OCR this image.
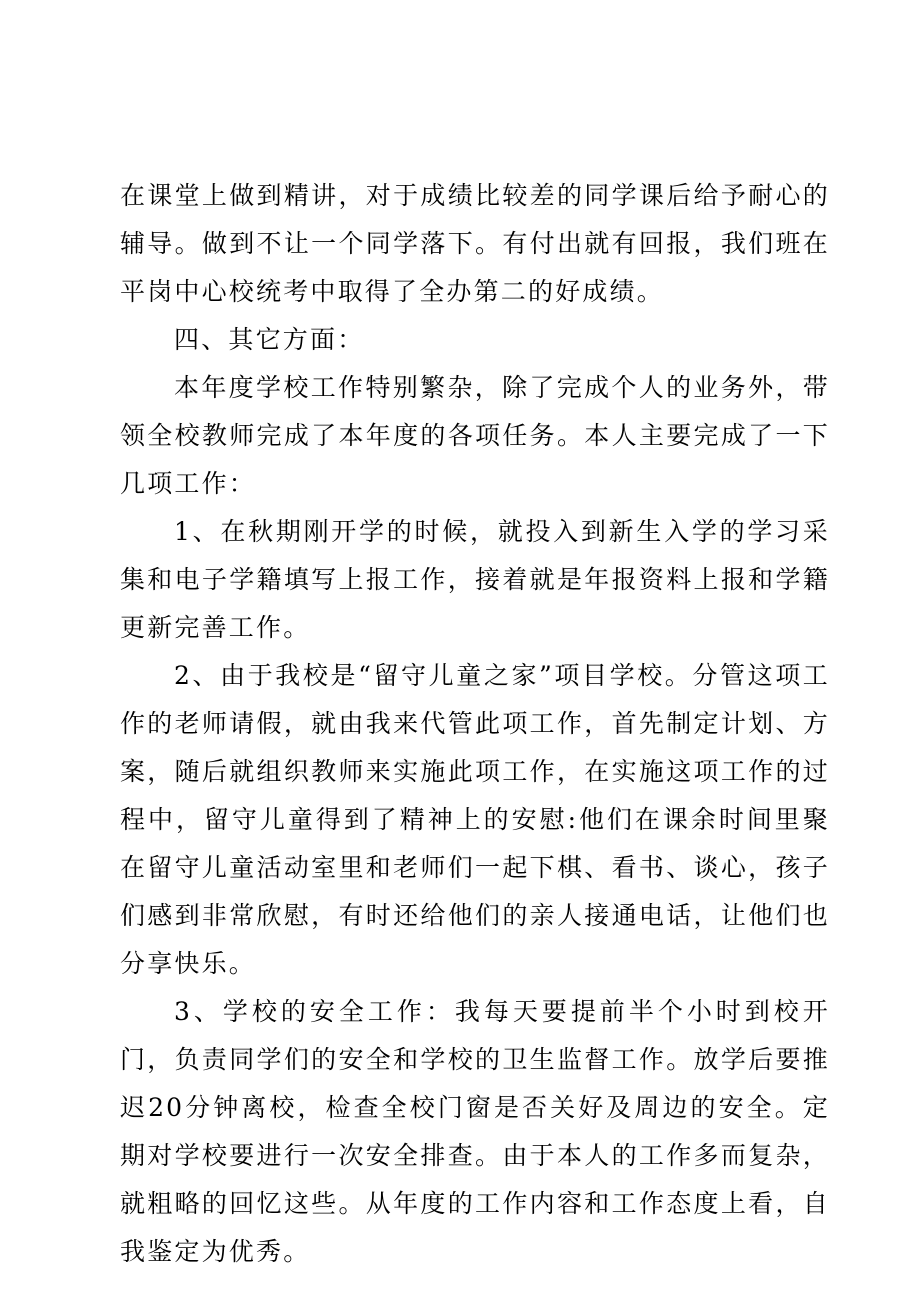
在课堂上做到精讲，对于成绩比较差的同学课后给予耐心的辅导。做到不让一个同学落下。有付出就有回报，我们班在平岗中心校统考中取得了全办第二的好成绩。

四、其它方面：

本年度学校工作特别繁杂，除了完成个人的业务外，带领全校教师完成了本年度的各项任务。本人主要完成了一下几项工作：

1、在秋期刚开学的时候，就投入到新生入学的学习采集和电子学籍填写上报工作，接着就是年报资料上报和学籍更新完善工作。

2、由于我校是“留守儿童之家”项目学校。分管这项工作的老师请假，就由我来代管此项工作，首先制定计划、方案，随后就组织教师来实施此项工作，在实施这项工作的过程中，留守儿童得到了精神上的安慰:他们在课余时间里聚在留守儿童活动室里和老师们一起下棋、看书、谈心，孩子们感到非常欣慰，有时还给他们的亲人接通电话，让他们也分享快乐。

3、学校的安全工作：我每天要提前半个小时到校开门，负责同学们的安全和学校的卫生监督工作。放学后要推迟20分钟离校，检查全校门窗是否关好及周边的安全。定期对学校要进行一次安全排查。由于本人的工作多而复杂，就粗略的回忆这些。从年度的工作内容和工作态度上看，自我鉴定为优秀。
